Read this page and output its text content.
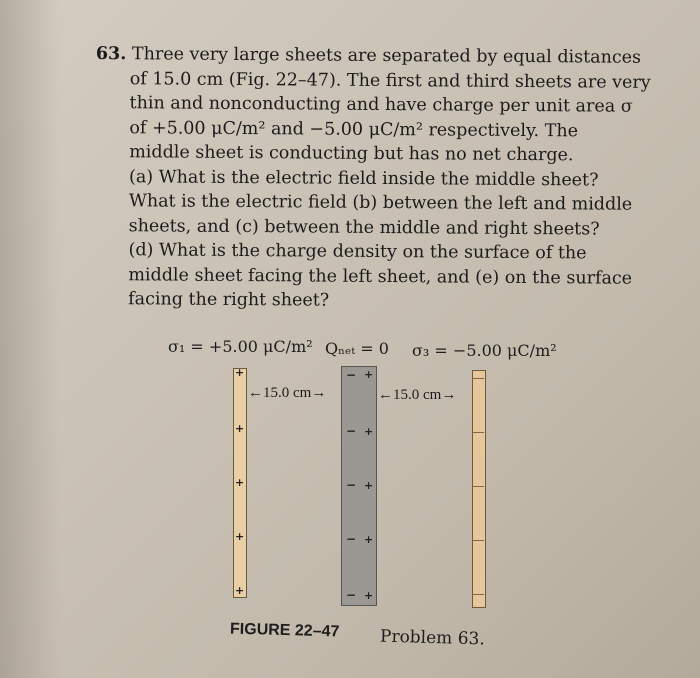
63. Three very large sheets are separated by equal distances
of 15.0 cm (Fig. 22–47). The first and third sheets are very
thin and nonconducting and have charge per unit area σ
of +5.00 μC/m² and −5.00 μC/m² respectively. The
middle sheet is conducting but has no net charge.
(a) What is the electric field inside the middle sheet?
What is the electric field (b) between the left and middle
sheets, and (c) between the middle and right sheets?
(d) What is the charge density on the surface of the
middle sheet facing the left sheet, and (e) on the surface
facing the right sheet?
σ₁ = +5.00 μC/m² Qₙₑₜ = 0 σ₃ = −5.00 μC/m²
←15.0 cm→	←15.0 cm→
+
+
+
+
+
− +
− +
− +
− +
− +
FIGURE 22–47 Problem 63.
